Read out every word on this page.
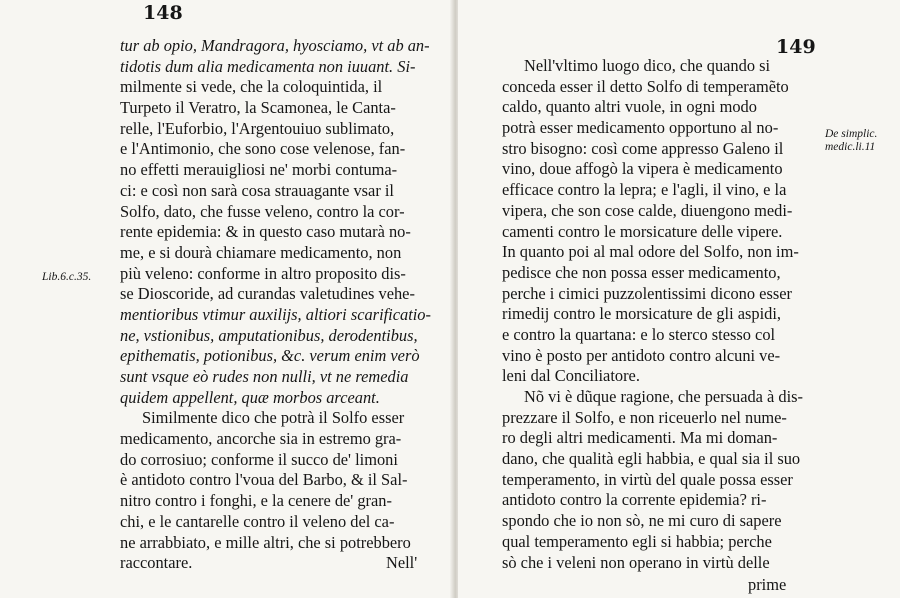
148
Lib.6.c.35.
tur ab opio, Mandragora, hyosciamo, vt ab an-
tidotis dum alia medicamenta non iuuant. Si-
milmente si vede, che la coloquintida, il
Turpeto il Veratro, la Scamonea, le Canta-
relle, l'Euforbio, l'Argentouiuo sublimato,
e l'Antimonio, che sono cose velenose, fan-
no effetti merauigliosi ne' morbi contuma-
ci: e così non sarà cosa strauagante vsar il
Solfo, dato, che fusse veleno, contro la cor-
rente epidemia: & in questo caso mutarà no-
me, e si dourà chiamare medicamento, non
più veleno: conforme in altro proposito dis-
se Dioscoride, ad curandas valetudines vehe-
mentioribus vtimur auxilijs, altiori scarificatio-
ne, vstionibus, amputationibus, derodentibus,
epithematis, potionibus, &c. verum enim verò
sunt vsque eò rudes non nulli, vt ne remedia
quidem appellent, quæ morbos arceant.
Similmente dico che potrà il Solfo esser
medicamento, ancorche sia in estremo gra-
do corrosiuo; conforme il succo de' limoni
è antidoto contro l'voua del Barbo, & il Sal-
nitro contro i fonghi, e la cenere de' gran-
chi, e le cantarelle contro il veleno del ca-
ne arrabbiato, e mille altri, che si potrebbero
raccontare.	Nell'
149
De simplic. medic.li.11
Nell'vltimo luogo dico, che quando si
conceda esser il detto Solfo di temperamẽto
caldo, quanto altri vuole, in ogni modo
potrà esser medicamento opportuno al no-
stro bisogno: così come appresso Galeno il
vino, doue affogò la vipera è medicamento
efficace contro la lepra; e l'agli, il vino, e la
vipera, che son cose calde, diuengono medi-
camenti contro le morsicature delle vipere.
In quanto poi al mal odore del Solfo, non im-
pedisce che non possa esser medicamento,
perche i cimici puzzolentissimi dicono esser
rimedij contro le morsicature de gli aspidi,
e contro la quartana: e lo sterco stesso col
vino è posto per antidoto contro alcuni ve-
leni dal Conciliatore.
Nõ vi è dũque ragione, che persuada à dis-
prezzare il Solfo, e non riceuerlo nel nume-
ro degli altri medicamenti. Ma mi doman-
dano, che qualità egli habbia, e qual sia il suo
temperamento, in virtù del quale possa esser
antidoto contro la corrente epidemia? ri-
spondo che io non sò, ne mi curo di sapere
qual temperamento egli si habbia; perche
sò che i veleni non operano in virtù delle
prime
